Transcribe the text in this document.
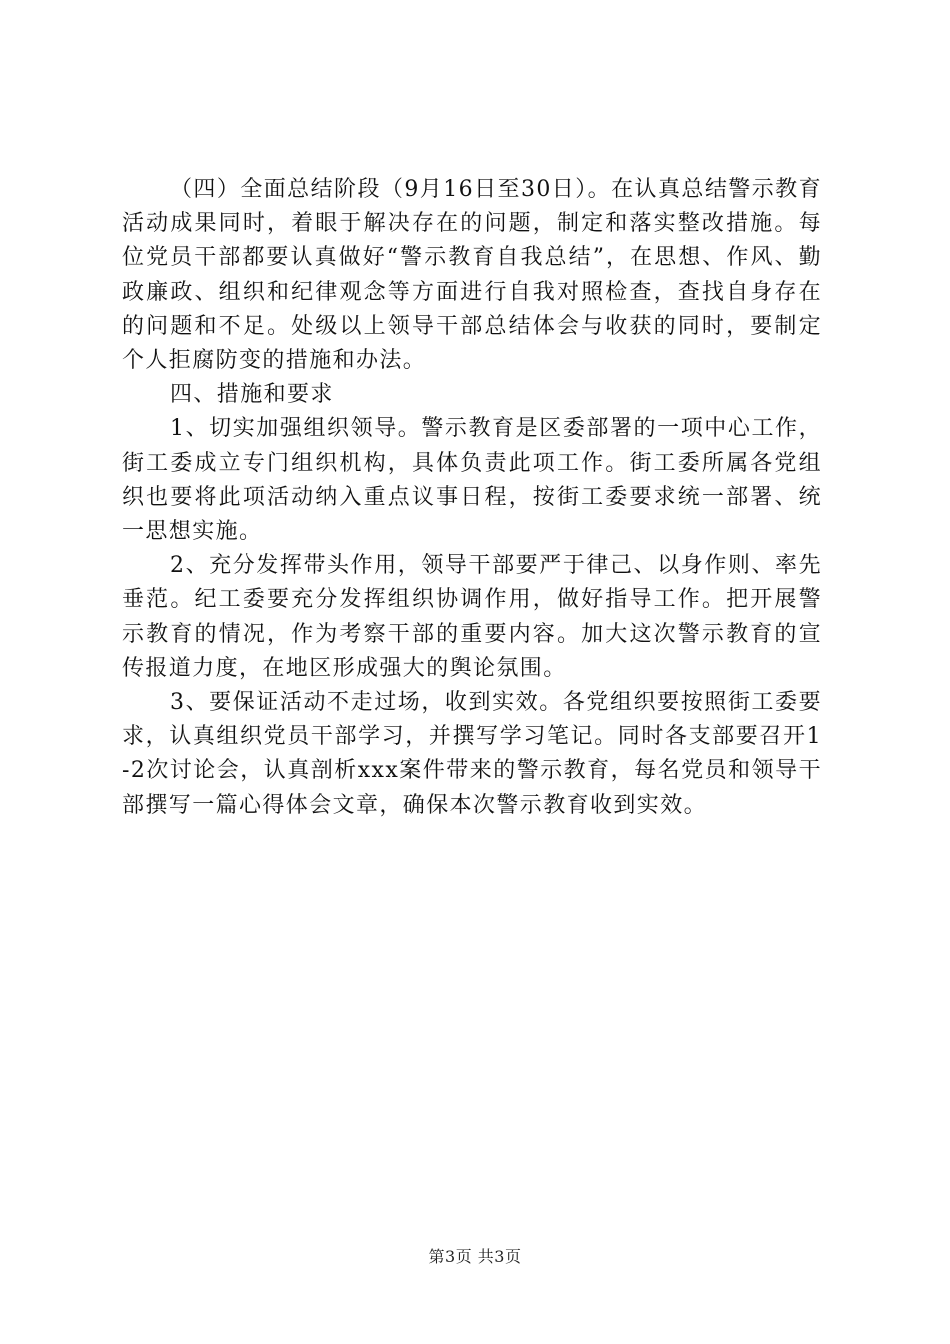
（四）全面总结阶段（9月16日至30日）。在认真总结警示教育活动成果同时，着眼于解决存在的问题，制定和落实整改措施。每位党员干部都要认真做好“警示教育自我总结”，在思想、作风、勤政廉政、组织和纪律观念等方面进行自我对照检查，查找自身存在的问题和不足。处级以上领导干部总结体会与收获的同时，要制定个人拒腐防变的措施和办法。

四、措施和要求

1、切实加强组织领导。警示教育是区委部署的一项中心工作，街工委成立专门组织机构，具体负责此项工作。街工委所属各党组织也要将此项活动纳入重点议事日程，按街工委要求统一部署、统一思想实施。

2、充分发挥带头作用，领导干部要严于律己、以身作则、率先垂范。纪工委要充分发挥组织协调作用，做好指导工作。把开展警示教育的情况，作为考察干部的重要内容。加大这次警示教育的宣传报道力度，在地区形成强大的舆论氛围。

3、要保证活动不走过场，收到实效。各党组织要按照街工委要求，认真组织党员干部学习，并撰写学习笔记。同时各支部要召开1-2次讨论会，认真剖析xxx案件带来的警示教育，每名党员和领导干部撰写一篇心得体会文章，确保本次警示教育收到实效。

第3页 共3页
